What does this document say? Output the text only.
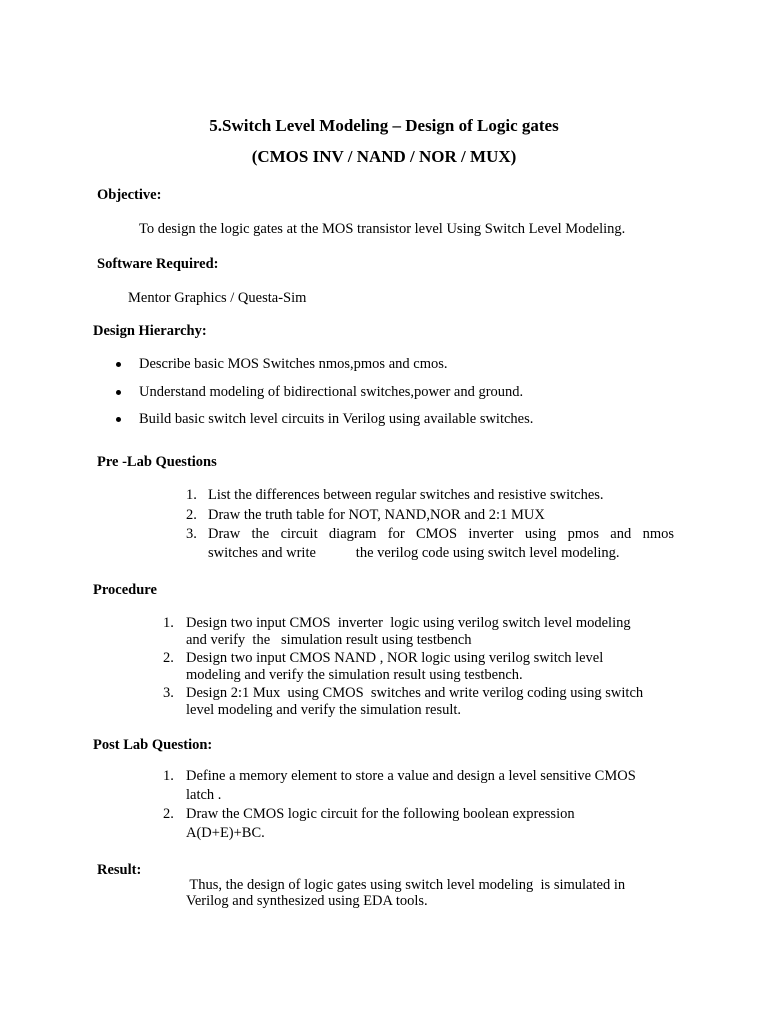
5.Switch Level Modeling – Design of Logic gates
(CMOS INV / NAND / NOR / MUX)
Objective:
To design the logic gates at the MOS transistor level Using Switch Level Modeling.
Software Required:
Mentor Graphics / Questa-Sim
Design Hierarchy:
Describe basic MOS Switches nmos,pmos and cmos.
Understand modeling of bidirectional switches,power and ground.
Build basic switch level circuits in Verilog using available switches.
Pre -Lab Questions
1. List the differences between regular switches and resistive switches.
2. Draw the truth table for NOT, NAND,NOR and 2:1 MUX
3. Draw the circuit diagram for CMOS inverter using pmos and nmos
switches and write           the verilog code using switch level modeling.
Procedure
1. Design two input CMOS  inverter  logic using verilog switch level modeling
and verify  the   simulation result using testbench
2. Design two input CMOS NAND , NOR logic using verilog switch level
modeling and verify the simulation result using testbench.
3. Design 2:1 Mux  using CMOS  switches and write verilog coding using switch
level modeling and verify the simulation result.
Post Lab Question:
1. Define a memory element to store a value and design a level sensitive CMOS
latch .
2. Draw the CMOS logic circuit for the following boolean expression
A(D+E)+BC.
Result:
Thus, the design of logic gates using switch level modeling  is simulated in
Verilog and synthesized using EDA tools.
